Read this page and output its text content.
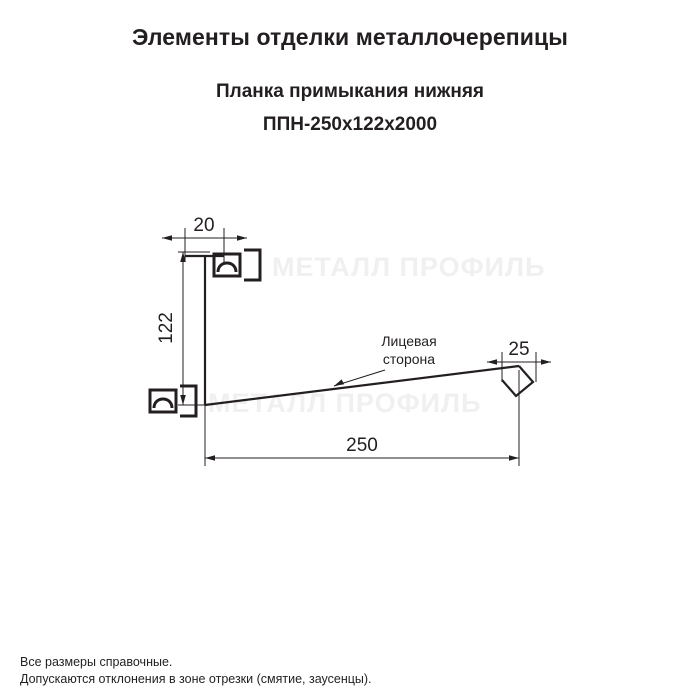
Элементы отделки металлочерепицы
Планка примыкания нижняя
ППН-250x122x2000
МЕТАЛЛ ПРОФИЛЬ
МЕТАЛЛ ПРОФИЛЬ
20
122
250
25
Лицевая
сторона
Все размеры справочные.
Допускаются отклонения в зоне отрезки (смятие, заусенцы).
